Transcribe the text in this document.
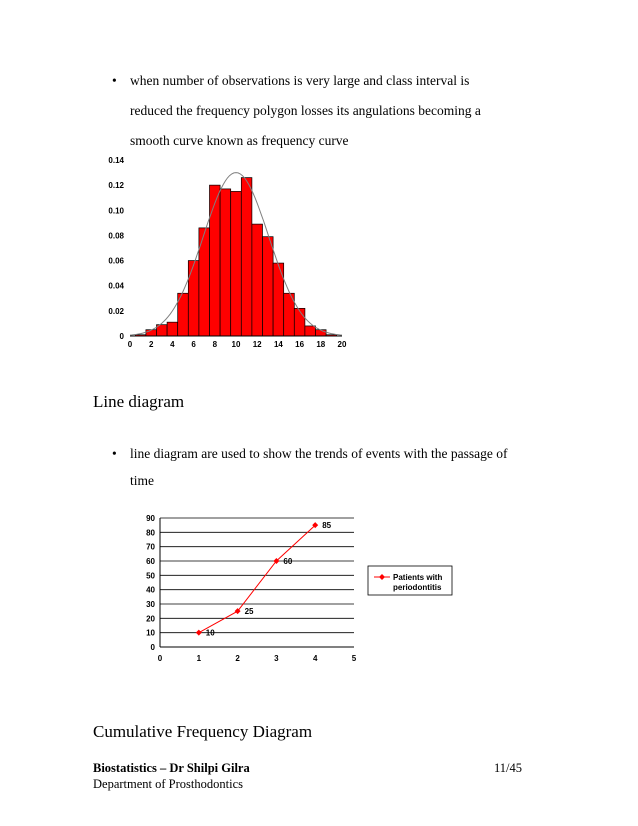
• when number of observations is very large and class interval is
reduced the frequency polygon losses its angulations becoming a
smooth curve known as frequency curve
0.14
0.12
0.10
0.08
0.06
0.04
0.02
0
0 2 4 6 8 10 12 14 16 18 20
Line diagram
• line diagram are used to show the trends of events with the passage of
time
0
10
20
30
40
50
60
70
80
90
0	1	2	3	4	5
10
25
60
85
Patients with
periodontitis
Cumulative Frequency Diagram
Biostatistics – Dr Shilpi Gilra
Department of Prosthodontics
11/45
